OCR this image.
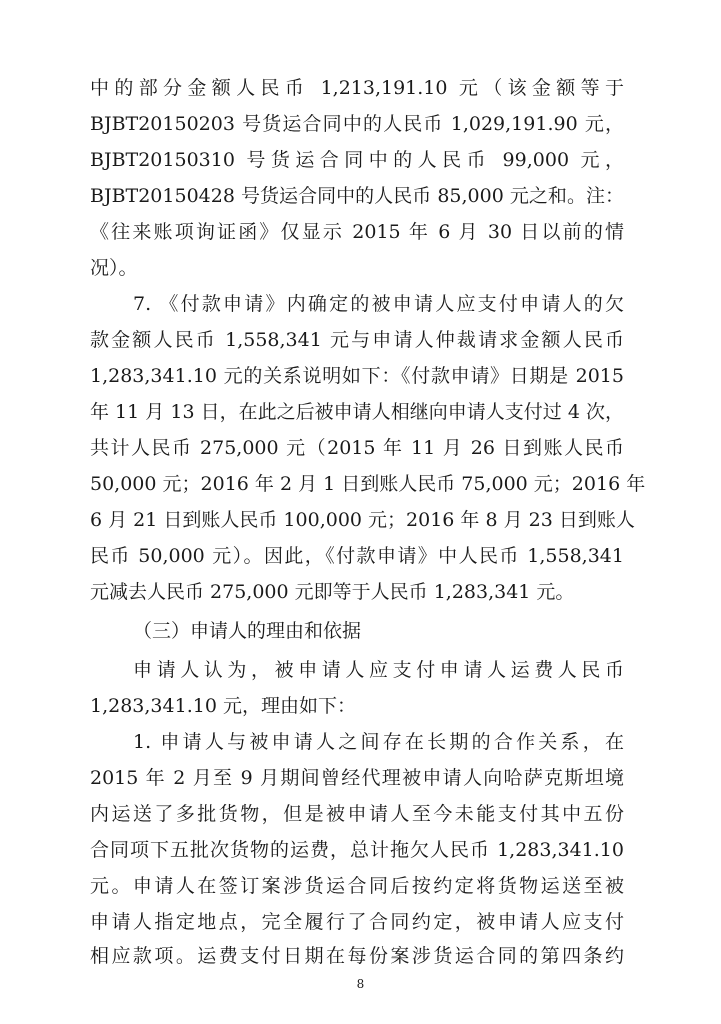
中的部分金额人民币 1,213,191.10 元（该金额等于
BJBT20150203 号货运合同中的人民币 1,029,191.90 元，
BJBT20150310 号货运合同中的人民币 99,000 元，
BJBT20150428 号货运合同中的人民币 85,000 元之和。注：
《往来账项询证函》仅显示 2015 年 6 月 30 日以前的情
况）。
7. 《付款申请》内确定的被申请人应支付申请人的欠
款金额人民币 1,558,341 元与申请人仲裁请求金额人民币
1,283,341.10 元的关系说明如下：《付款申请》日期是 2015
年 11 月 13 日，在此之后被申请人相继向申请人支付过 4 次，
共计人民币 275,000 元（2015 年 11 月 26 日到账人民币
50,000 元；2016 年 2 月 1 日到账人民币 75,000 元；2016 年
6 月 21 日到账人民币 100,000 元；2016 年 8 月 23 日到账人
民币 50,000 元）。因此，《付款申请》中人民币 1,558,341
元减去人民币 275,000 元即等于人民币 1,283,341 元。
（三）申请人的理由和依据
申请人认为，被申请人应支付申请人运费人民币
1,283,341.10 元，理由如下：
1. 申请人与被申请人之间存在长期的合作关系，在
2015 年 2 月至 9 月期间曾经代理被申请人向哈萨克斯坦境
内运送了多批货物，但是被申请人至今未能支付其中五份
合同项下五批次货物的运费，总计拖欠人民币 1,283,341.10
元。申请人在签订案涉货运合同后按约定将货物运送至被
申请人指定地点，完全履行了合同约定，被申请人应支付
相应款项。运费支付日期在每份案涉货运合同的第四条约
8
